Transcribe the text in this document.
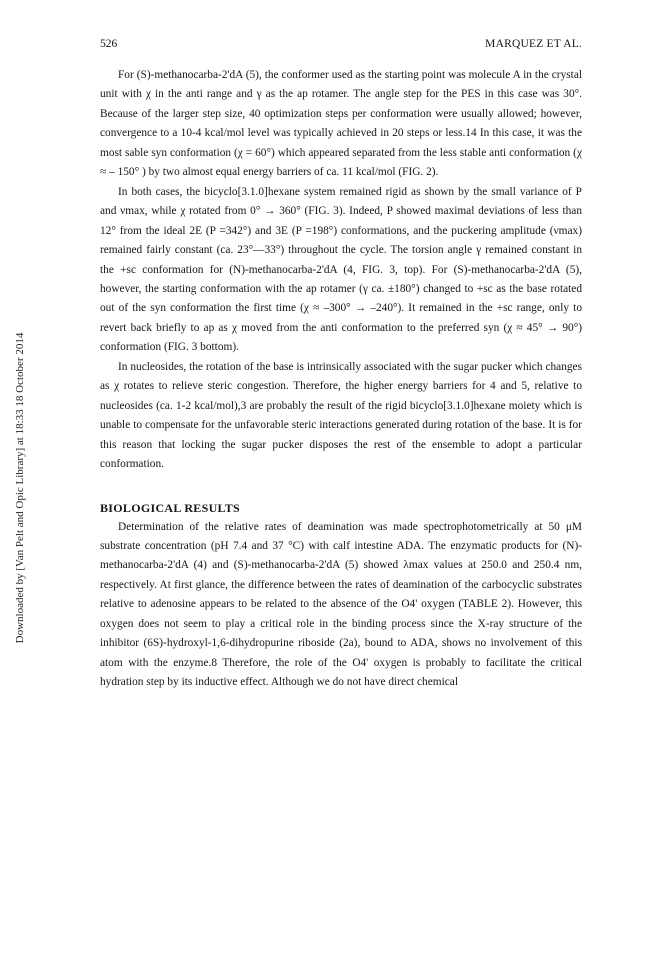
526	MARQUEZ ET AL.
Downloaded by [Van Pelt and Opic Library] at 18:33 18 October 2014

For (S)-methanocarba-2'dA (5), the conformer used as the starting point was molecule A in the crystal unit with χ in the anti range and γ as the ap rotamer. The angle step for the PES in this case was 30°. Because of the larger step size, 40 optimization steps per conformation were usually allowed; however, convergence to a 10-4 kcal/mol level was typically achieved in 20 steps or less.14 In this case, it was the most sable syn conformation (χ = 60°) which appeared separated from the less stable anti conformation (χ ≈ – 150° ) by two almost equal energy barriers of ca. 11 kcal/mol (FIG. 2).

In both cases, the bicyclo[3.1.0]hexane system remained rigid as shown by the small variance of P and νmax, while χ rotated from 0° → 360° (FIG. 3). Indeed, P showed maximal deviations of less than 12° from the ideal 2E (P =342°) and 3E (P =198°) conformations, and the puckering amplitude (νmax) remained fairly constant (ca. 23°—33°) throughout the cycle. The torsion angle γ remained constant in the +sc conformation for (N)-methanocarba-2'dA (4, FIG. 3, top). For (S)-methanocarba-2'dA (5), however, the starting conformation with the ap rotamer (γ ca. ±180°) changed to +sc as the base rotated out of the syn conformation the first time (χ ≈ –300° → –240°). It remained in the +sc range, only to revert back briefly to ap as χ moved from the anti conformation to the preferred syn (χ ≈ 45° → 90°) conformation (FIG. 3 bottom).

In nucleosides, the rotation of the base is intrinsically associated with the sugar pucker which changes as χ rotates to relieve steric congestion. Therefore, the higher energy barriers for 4 and 5, relative to nucleosides (ca. 1-2 kcal/mol),3 are probably the result of the rigid bicyclo[3.1.0]hexane moiety which is unable to compensate for the unfavorable steric interactions generated during rotation of the base. It is for this reason that locking the sugar pucker disposes the rest of the ensemble to adopt a particular conformation.

BIOLOGICAL RESULTS

Determination of the relative rates of deamination was made spectrophotometrically at 50 μM substrate concentration (pH 7.4 and 37 °C) with calf intestine ADA. The enzymatic products for (N)-methanocarba-2'dA (4) and (S)-methanocarba-2'dA (5) showed λmax values at 250.0 and 250.4 nm, respectively. At first glance, the difference between the rates of deamination of the carbocyclic substrates relative to adenosine appears to be related to the absence of the O4' oxygen (TABLE 2). However, this oxygen does not seem to play a critical role in the binding process since the X-ray structure of the inhibitor (6S)-hydroxyl-1,6-dihydropurine riboside (2a), bound to ADA, shows no involvement of this atom with the enzyme.8 Therefore, the role of the O4' oxygen is probably to facilitate the critical hydration step by its inductive effect. Although we do not have direct chemical
